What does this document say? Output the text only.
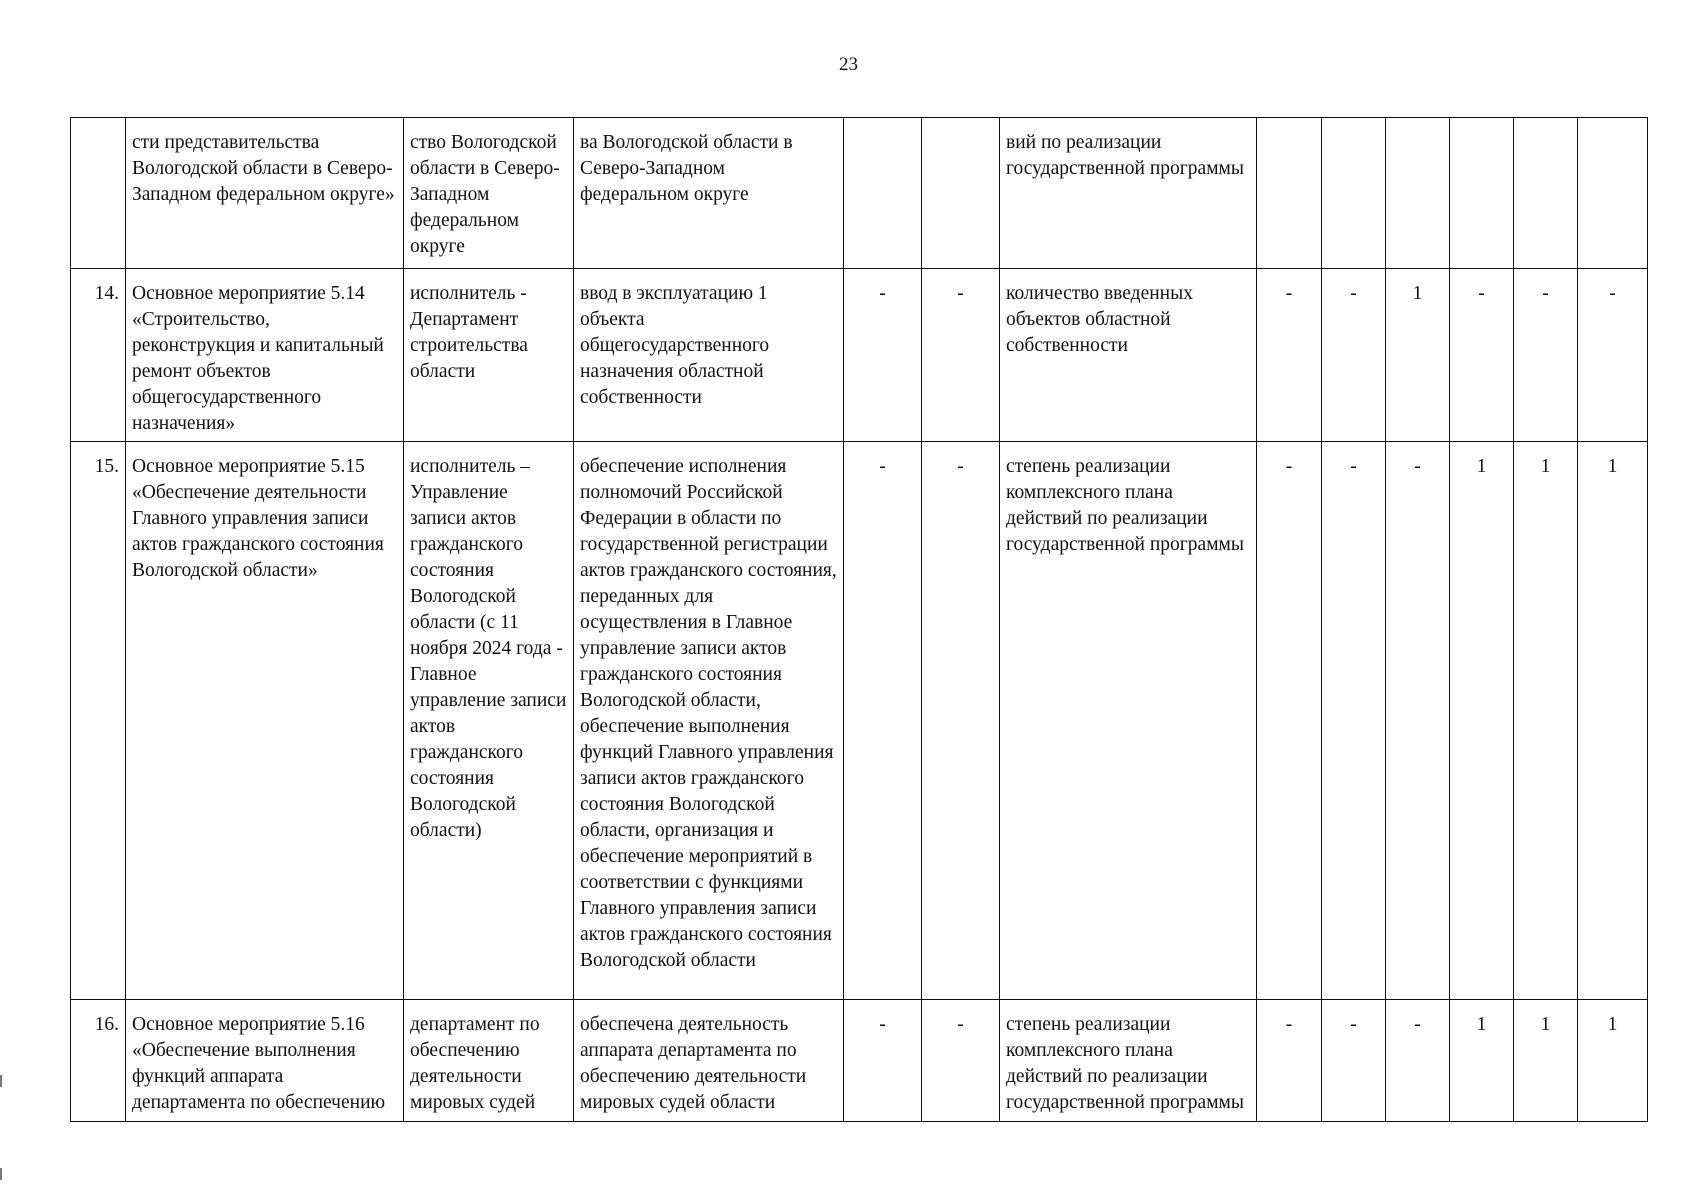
23
	сти представительства Вологодской области в Северо-Западном федеральном округе»	ство Вологодской области в Северо-Западном федеральном округе	ва Вологодской области в Северо-Западном федеральном округе			вий по реализации государственной программы						
14.	Основное мероприятие 5.14 «Строительство, реконструкция и капитальный ремонт объектов общегосударственного назначения»	исполнитель - Департамент строительства области	ввод в эксплуатацию 1 объекта общегосударственного назначения областной собственности	-	-	количество введенных объектов областной собственности	-	-	1	-	-	-
15.	Основное мероприятие 5.15 «Обеспечение деятельности Главного управления записи актов гражданского состояния Вологодской области»	исполнитель – Управление записи актов гражданского состояния Вологодской области (с 11 ноября 2024 года - Главное управление записи актов гражданского состояния Вологодской области)	обеспечение исполнения полномочий Российской Федерации в области по государственной регистрации актов гражданского состояния, переданных для осуществления в Главное управление записи актов гражданского состояния Вологодской области, обеспечение выполнения функций Главного управления записи актов гражданского состояния Вологодской области, организация и обеспечение мероприятий в соответствии с функциями Главного управления записи актов гражданского состояния Вологодской области	-	-	степень реализации комплексного плана действий по реализации государственной программы	-	-	-	1	1	1
16.	Основное мероприятие 5.16 «Обеспечение выполнения функций аппарата департамента по обеспечению	департамент по обеспечению деятельности мировых судей	обеспечена деятельность аппарата департамента по обеспечению деятельности мировых судей области	-	-	степень реализации комплексного плана действий по реализации государственной программы	-	-	-	1	1	1
